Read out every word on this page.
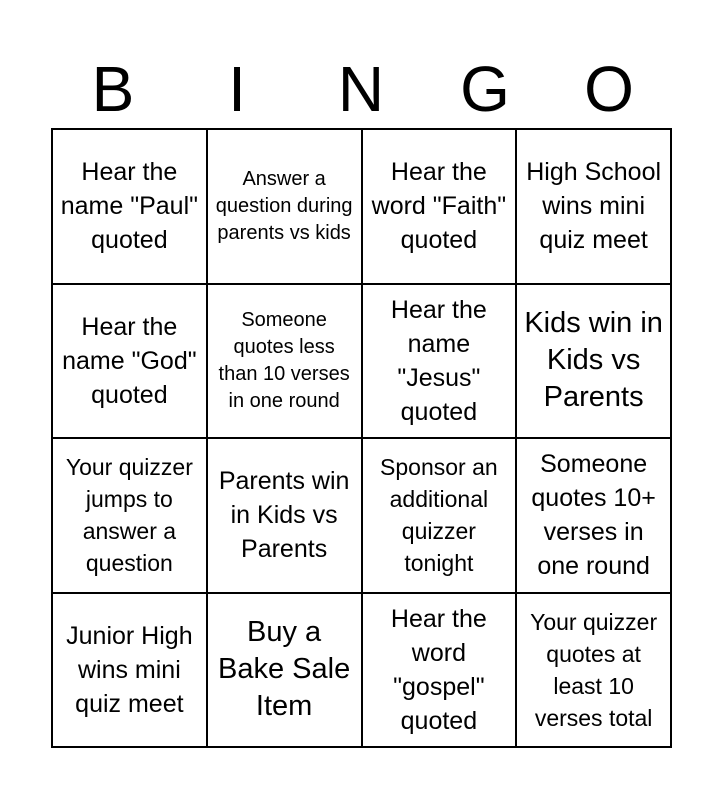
B	I	N	G	O
Hear the name "Paul" quoted
Answer a question during parents vs kids
Hear the word "Faith" quoted
High School wins mini quiz meet
Hear the name "God" quoted
Someone quotes less than 10 verses in one round
Hear the name "Jesus" quoted
Kids win in Kids vs Parents
Your quizzer jumps to answer a question
Parents win in Kids vs Parents
Sponsor an additional quizzer tonight
Someone quotes 10+ verses in one round
Junior High wins mini quiz meet
Buy a Bake Sale Item
Hear the word "gospel" quoted
Your quizzer quotes at least 10 verses total
